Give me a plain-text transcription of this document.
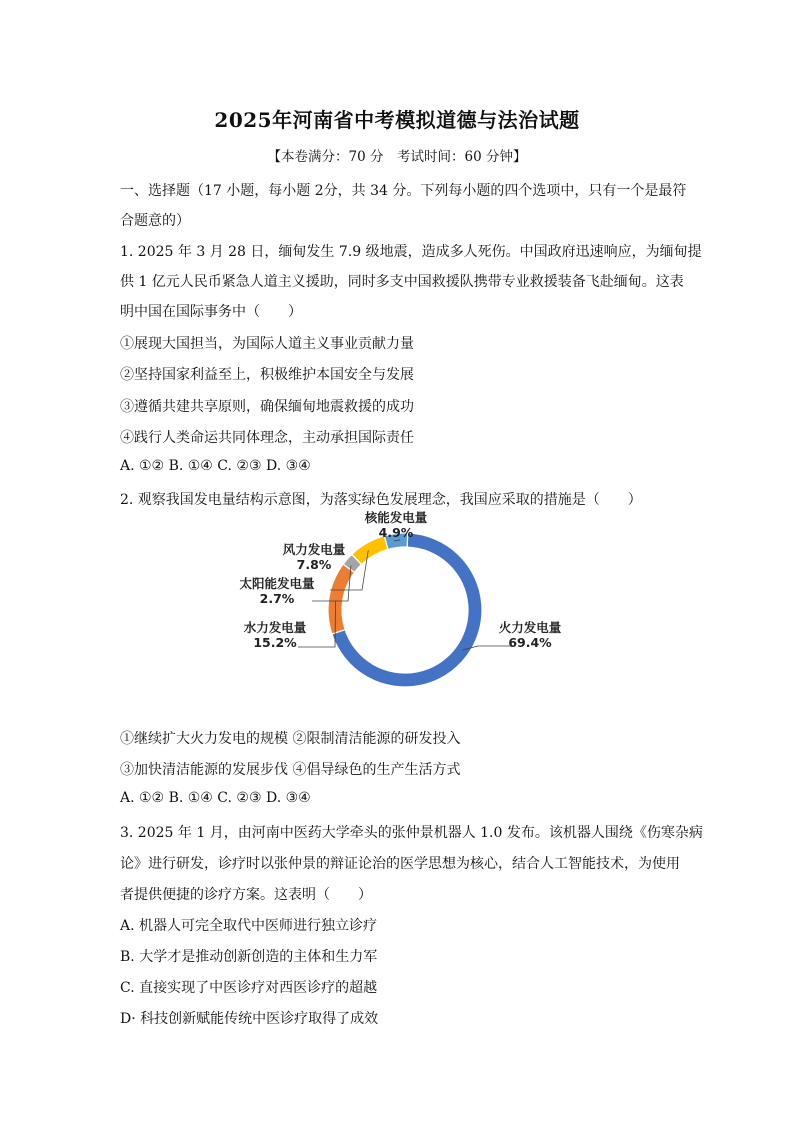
2025年河南省中考模拟道德与法治试题
【本卷满分：70 分　考试时间：60 分钟】
一、选择题（17 小题，每小题 2分，共 34 分。下列每小题的四个选项中，只有一个是最符
合题意的）
1. 2025 年 3 月 28 日，缅甸发生 7.9 级地震，造成多人死伤。中国政府迅速响应，为缅甸提
供 1 亿元人民币紧急人道主义援助，同时多支中国救援队携带专业救援装备飞赴缅甸。这表
明中国在国际事务中（　　）
①展现大国担当，为国际人道主义事业贡献力量
②坚持国家利益至上，积极维护本国安全与发展
③遵循共建共享原则，确保缅甸地震救援的成功
④践行人类命运共同体理念，主动承担国际责任
A. ①② B. ①④ C. ②③ D. ③④
2. 观察我国发电量结构示意图，为落实绿色发展理念，我国应采取的措施是（　　）
火力发电量
69.4%
水力发电量
15.2%
太阳能发电量
2.7%
风力发电量
7.8%
核能发电量
4.9%
①继续扩大火力发电的规模 ②限制清洁能源的研发投入
③加快清洁能源的发展步伐 ④倡导绿色的生产生活方式
A. ①② B. ①④ C. ②③ D. ③④
3. 2025 年 1 月，由河南中医药大学牵头的张仲景机器人 1.0 发布。该机器人围绕《伤寒杂病
论》进行研发，诊疗时以张仲景的辩证论治的医学思想为核心，结合人工智能技术，为使用
者提供便捷的诊疗方案。这表明（　　）
A. 机器人可完全取代中医师进行独立诊疗
B. 大学才是推动创新创造的主体和生力军
C. 直接实现了中医诊疗对西医诊疗的超越
D· 科技创新赋能传统中医诊疗取得了成效
